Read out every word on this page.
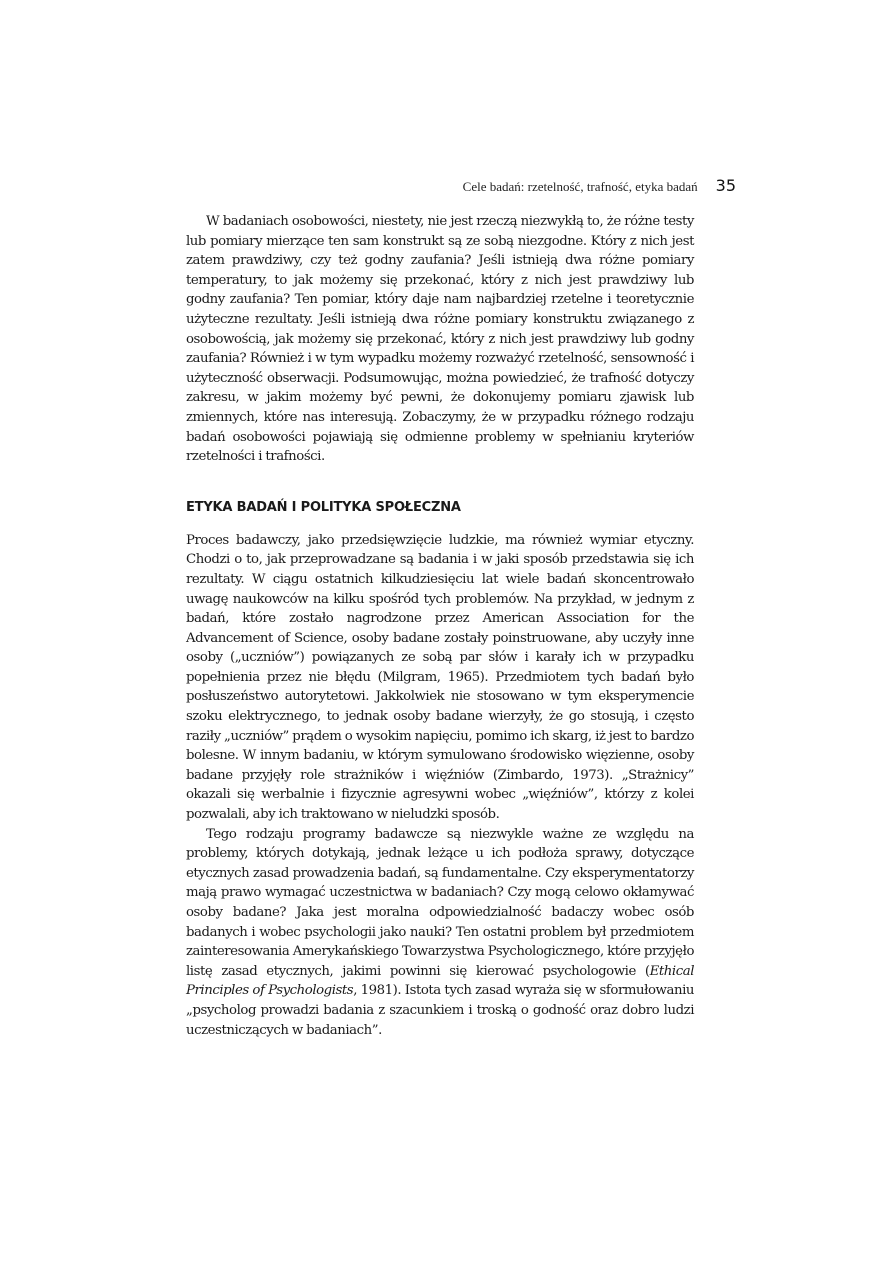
Cele badań: rzetelność, trafność, etyka badań 35

W badaniach osobowości, niestety, nie jest rzeczą niezwykłą to, że różne testy lub pomiary mierzące ten sam konstrukt są ze sobą niezgodne. Który z nich jest zatem prawdziwy, czy też godny zaufania? Jeśli istnieją dwa różne pomiary temperatury, to jak możemy się przekonać, który z nich jest prawdziwy lub godny zaufania? Ten pomiar, który daje nam najbardziej rzetelne i teoretycznie użyteczne rezultaty. Jeśli istnieją dwa różne pomiary konstruktu związanego z osobowością, jak możemy się przekonać, który z nich jest prawdziwy lub godny zaufania? Również i w tym wypadku możemy rozważyć rzetelność, sensowność i użyteczność obserwacji. Podsumowując, można powiedzieć, że trafność dotyczy zakresu, w jakim możemy być pewni, że dokonujemy pomiaru zjawisk lub zmiennych, które nas interesują. Zobaczymy, że w przypadku różnego rodzaju badań osobowości pojawiają się odmienne problemy w spełnianiu kryteriów rzetelności i trafności.

ETYKA BADAŃ I POLITYKA SPOŁECZNA

Proces badawczy, jako przedsięwzięcie ludzkie, ma również wymiar etyczny. Chodzi o to, jak przeprowadzane są badania i w jaki sposób przedstawia się ich rezultaty. W ciągu ostatnich kilkudziesięciu lat wiele badań skoncentrowało uwagę naukowców na kilku spośród tych problemów. Na przykład, w jednym z badań, które zostało nagrodzone przez American Association for the Advancement of Science, osoby badane zostały poinstruowane, aby uczyły inne osoby („uczniów”) powiązanych ze sobą par słów i karały ich w przypadku popełnienia przez nie błędu (Milgram, 1965). Przedmiotem tych badań było posłuszeństwo autorytetowi. Jakkolwiek nie stosowano w tym eksperymencie szoku elektrycznego, to jednak osoby badane wierzyły, że go stosują, i często raziły „uczniów” prądem o wysokim napięciu, pomimo ich skarg, iż jest to bardzo bolesne. W innym badaniu, w którym symulowano środowisko więzienne, osoby badane przyjęły role strażników i więźniów (Zimbardo, 1973). „Strażnicy” okazali się werbalnie i fizycznie agresywni wobec „więźniów”, którzy z kolei pozwalali, aby ich traktowano w nieludzki sposób.

Tego rodzaju programy badawcze są niezwykle ważne ze względu na problemy, których dotykają, jednak leżące u ich podłoża sprawy, dotyczące etycznych zasad prowadzenia badań, są fundamentalne. Czy eksperymentatorzy mają prawo wymagać uczestnictwa w badaniach? Czy mogą celowo okłamywać osoby badane? Jaka jest moralna odpowiedzialność badaczy wobec osób badanych i wobec psychologii jako nauki? Ten ostatni problem był przedmiotem zainteresowania Amerykańskiego Towarzystwa Psychologicznego, które przyjęło listę zasad etycznych, jakimi powinni się kierować psychologowie (Ethical Principles of Psychologists, 1981). Istota tych zasad wyraża się w sformułowaniu „psycholog prowadzi badania z szacunkiem i troską o godność oraz dobro ludzi uczestniczących w badaniach”.
